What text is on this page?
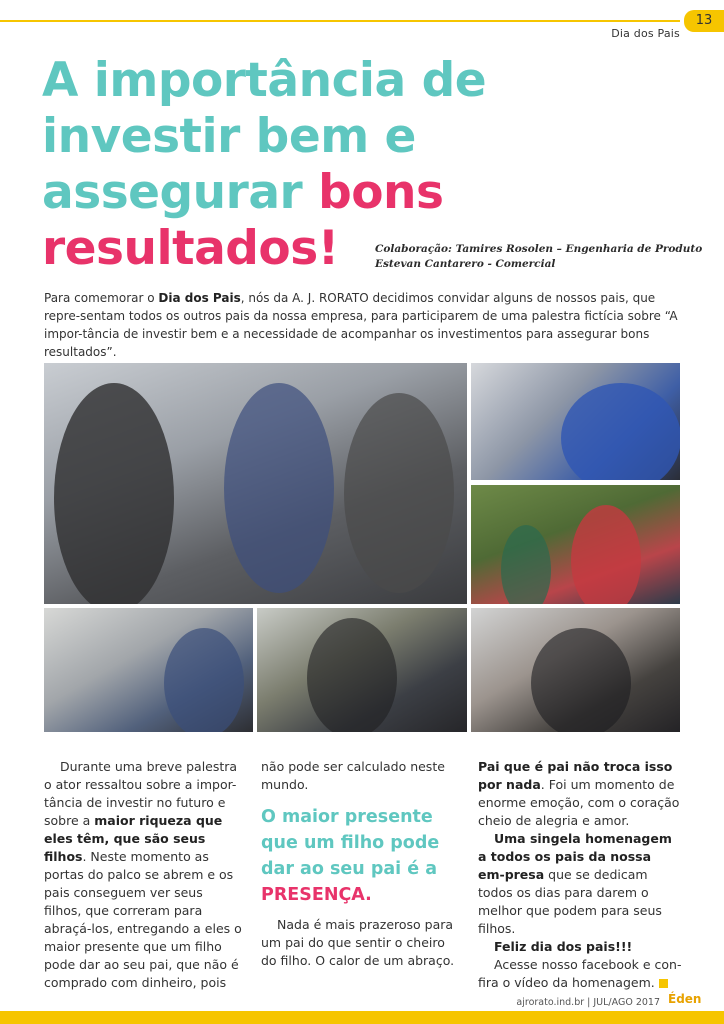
13
Dia dos Pais
A importância de
investir bem e
assegurar bons
resultados!	Colaboração: Tamires Rosolen – Engenharia de Produto
Estevan Cantarero - Comercial

Para comemorar o Dia dos Pais, nós da A. J. RORATO decidimos convidar alguns de nossos pais, que repre-sentam todos os outros pais da nossa empresa, para participarem de uma palestra fictícia sobre “A impor-tância de investir bem e a necessidade de acompanhar os investimentos para assegurar bons resultados”.

Durante uma breve palestra o ator ressaltou sobre a impor-tância de investir no futuro e sobre a maior riqueza que eles têm, que são seus filhos. Neste momento as portas do palco se abrem e os pais conseguem ver seus filhos, que correram para abraçá-los, entregando a eles o maior presente que um filho pode dar ao seu pai, que não é comprado com dinheiro, pois

não pode ser calculado neste mundo.

O maior presente que um filho pode dar ao seu pai é a PRESENÇA.

Nada é mais prazeroso para um pai do que sentir o cheiro do filho. O calor de um abraço.

Pai que é pai não troca isso por nada. Foi um momento de enorme emoção, com o coração cheio de alegria e amor.

Uma singela homenagem a todos os pais da nossa em-presa que se dedicam todos os dias para darem o melhor que podem para seus filhos.

Feliz dia dos pais!!!

Acesse nosso facebook e con-fira o vídeo da homenagem.

ajrorato.ind.br | JUL/AGO 2017 Éden
